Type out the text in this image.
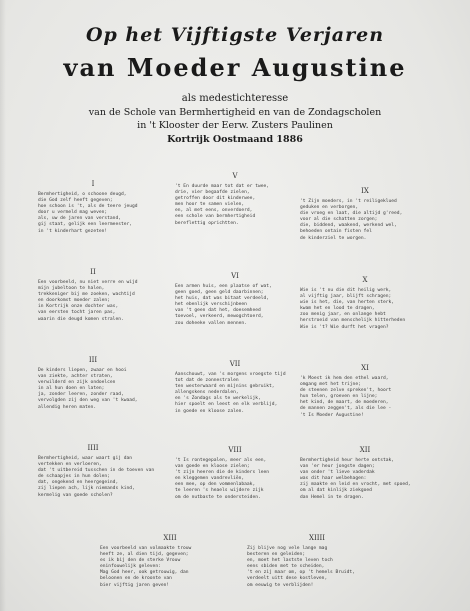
Op het Vijftigste Verjaren
van Moeder Augustine
als medestichteresse
van de Schole van Bermhertigheid en van de Zondagscholen
in 't Klooster der Eerw. Zusters Paulinen
Kortrijk Oostmaand 1886
I
Bermhertigheid, o schoone deugd,
die God zelf heeft gegeven;
hoe schoon is 't, als de teere jeugd
door u vermeld mag weven;
als, uw de jaren van verstand,
gij staat, gelijk een leermeester,
in 't kinderhart gezeten!
II
Een voorbeeld, nu niet verre en wijd
mijn jubeltoon te halen,
trekkeniger bij me zoeken, wachtijd
en doorkomst moeder zalen;
in Kortrijk onze dochter was,
van eersten tocht jaren pas,
waarin die deugd komen stralen.
III
De kinders liepen, zwaar en hooi
van ziekte, achter straten,
verwilderd en zijk ondoelcen
in al hun doen en laten;
ja, zonder leeren, zonder raad,
vervolgden zij den weg van 't kwaad,
allendig heren maten.
IIII
Bermhertigheid, waar waart gij dan
vertekken en verloeren,
dat 't uitbereid tusschen in de toeven van
de schaapjes in hun dolen;
dat, ongekend en heergegeind,
zij liepen ach, lijk niemands kind,
kermelig van goede scholen?
V
't En duurde maar tot dat er twee,
drie, vier begaafde zielen,
getroffen door dit kinderwee,
men hoor te samen vielen,
en, al met eens, onverdoerd,
een schole van bermhertigheid
bereflettig oprichtten.
VI
Een armen huis, een plaatse of wat,
geen goed, geen geld daarbinnen;
het huis, dat was bitaat verdeeld,
het ebenlijk verschijnbeen
van 't geen dat het, doesemheed
toevoel, verkeerd, mewogchtoerd,
zou doheeke vallen mennen.
VII
Aanschouwt, van 's morgens vroegste tijd
tot dat de zonnestralen
ten westerwaard en mijnins gebruikt,
allengskens nederdalen,
en 's Zondags als te werkelijk,
hier spoelt en leest en elk verblijd,
in goede en kloose zalen.
VIII
't Is rontegepalen, meer als een,
van goede en kloose zielen;
't zijn heeren die de kinders leen
en kleggemen vandrevliën,
een mee, op den vommenlabaak,
te leeren 's heaels wijdere zijk
om de nutbaste te ondersteiden.
IX
't Zijn moeders, in 't reiligeklued
geduken en verborgen,
die vroeg en laat, die altijd g'reed,
voor al die schatten zorgen;
die, biddend, waakend, werkend wel,
behoeden ontain fisten fel
de kinderziel te worgen.
X
Wie is 't nu die dit heilig werk,
al vijftig jaar, blijft schragen;
wie is het, die, van herten sterk,
kwam het en lood te dragen,
zoo menig jaar, en onlange hebt
herstroeid van menschelijk hitterheden
Wie is 't? Wie durft het vragen?
XI
'k Moest ik hem den ethel waard,
omgang met het trijne;
de steenen zelve spreken't, hoort
hun telen, groeven en lijne;
het kind, de maart, de moederen,
de mannen zeggen't, als die lee -
't Is Moeder Augustine!
XII
Bermhertigheid heur herte ontstak,
van 'er heur jongste dagen;
van onder 't lieve vaderdak
was dit haar welbehagen:
zij maakte en leid en vrocht, met spoed,
om al dat kinlijk ziekgoed
dan Hemel in te dragen.
XIII
Een voorbeeld van volmaakte trouw
heeft ze, al dien tijd, gegeven;
es ik bij den de sterke Vrouw
eninfouwelijk geleven:
Mag God heer, ook getrouwig, dan
beloonen en de kroonte van
bier vijftig jaren geven!
XIIII
Zij blijve nog vele lange mag
besteren en geleiden;
en, moet het lastste leven toch
eens sbiden met te scheiden,
't en zij maar om, op 't hemels Bruidt,
verdeelt uitt dese kostleven,
om eeuwig te verblijden!
